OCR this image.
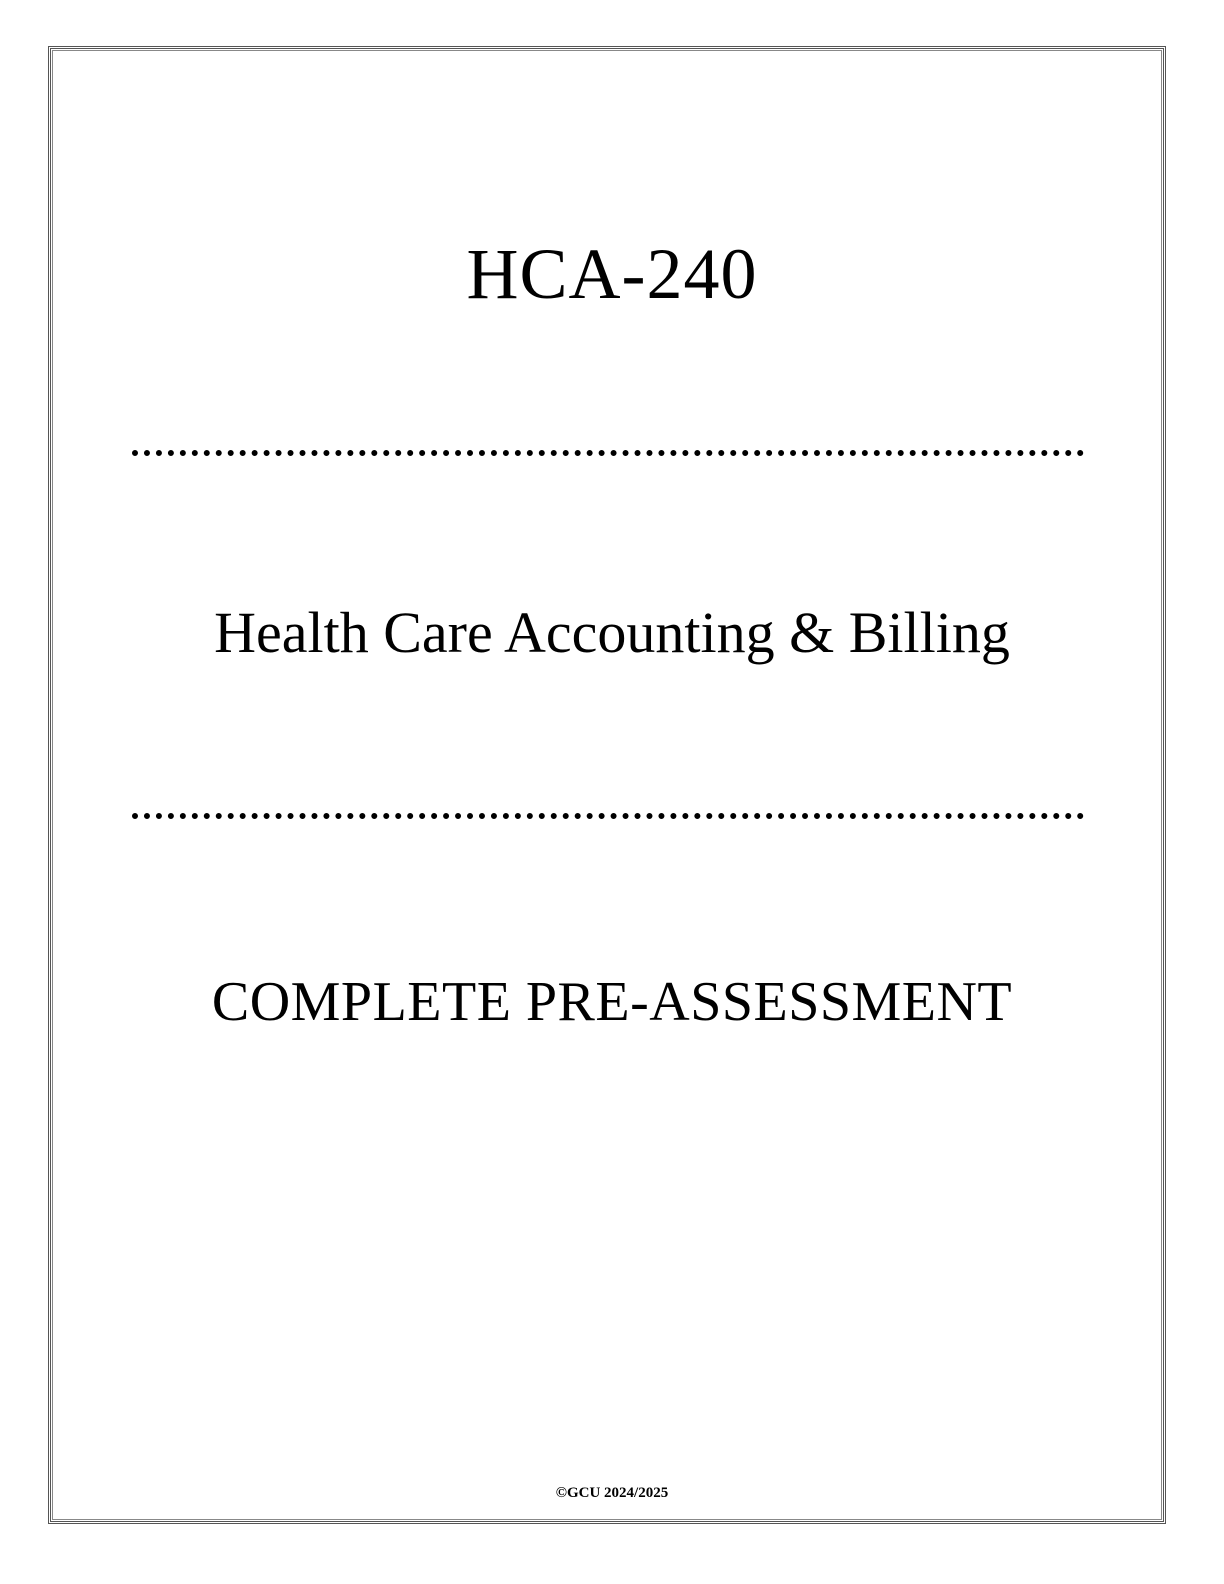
HCA-240
Health Care Accounting & Billing
COMPLETE PRE-ASSESSMENT
©GCU 2024/2025
